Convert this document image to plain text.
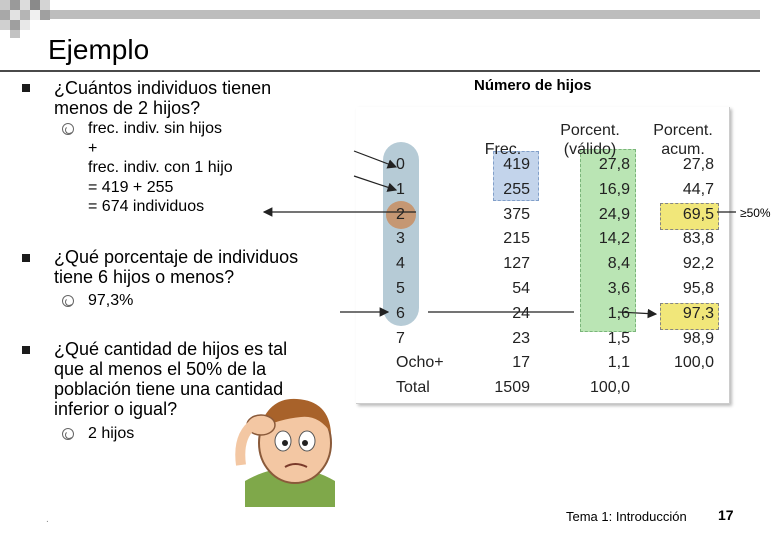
Ejemplo
¿Cuántos individuos tienen
menos de 2 hijos?
frec. indiv. sin hijos
+
frec. indiv. con 1 hijo
= 419 + 255
= 674 individuos
¿Qué porcentaje de individuos
tiene 6 hijos o menos?
97,3%
¿Qué cantidad de hijos es tal
que al menos el 50% de la
población tiene una cantidad
inferior o igual?
2 hijos
Número de hijos
Frec.
Porcent. (válido)
Porcent. acum.
0	419	27,8	27,8
1	255	16,9	44,7
2	375	24,9	69,5
3	215	14,2	83,8
4	127	8,4	92,2
5	54	3,6	95,8
6	24	1,6	97,3
7	23	1,5	98,9
Ocho+	17	1,1	100,0
Total	1509	100,0
≥50%
.	Tema 1: Introducción 17
